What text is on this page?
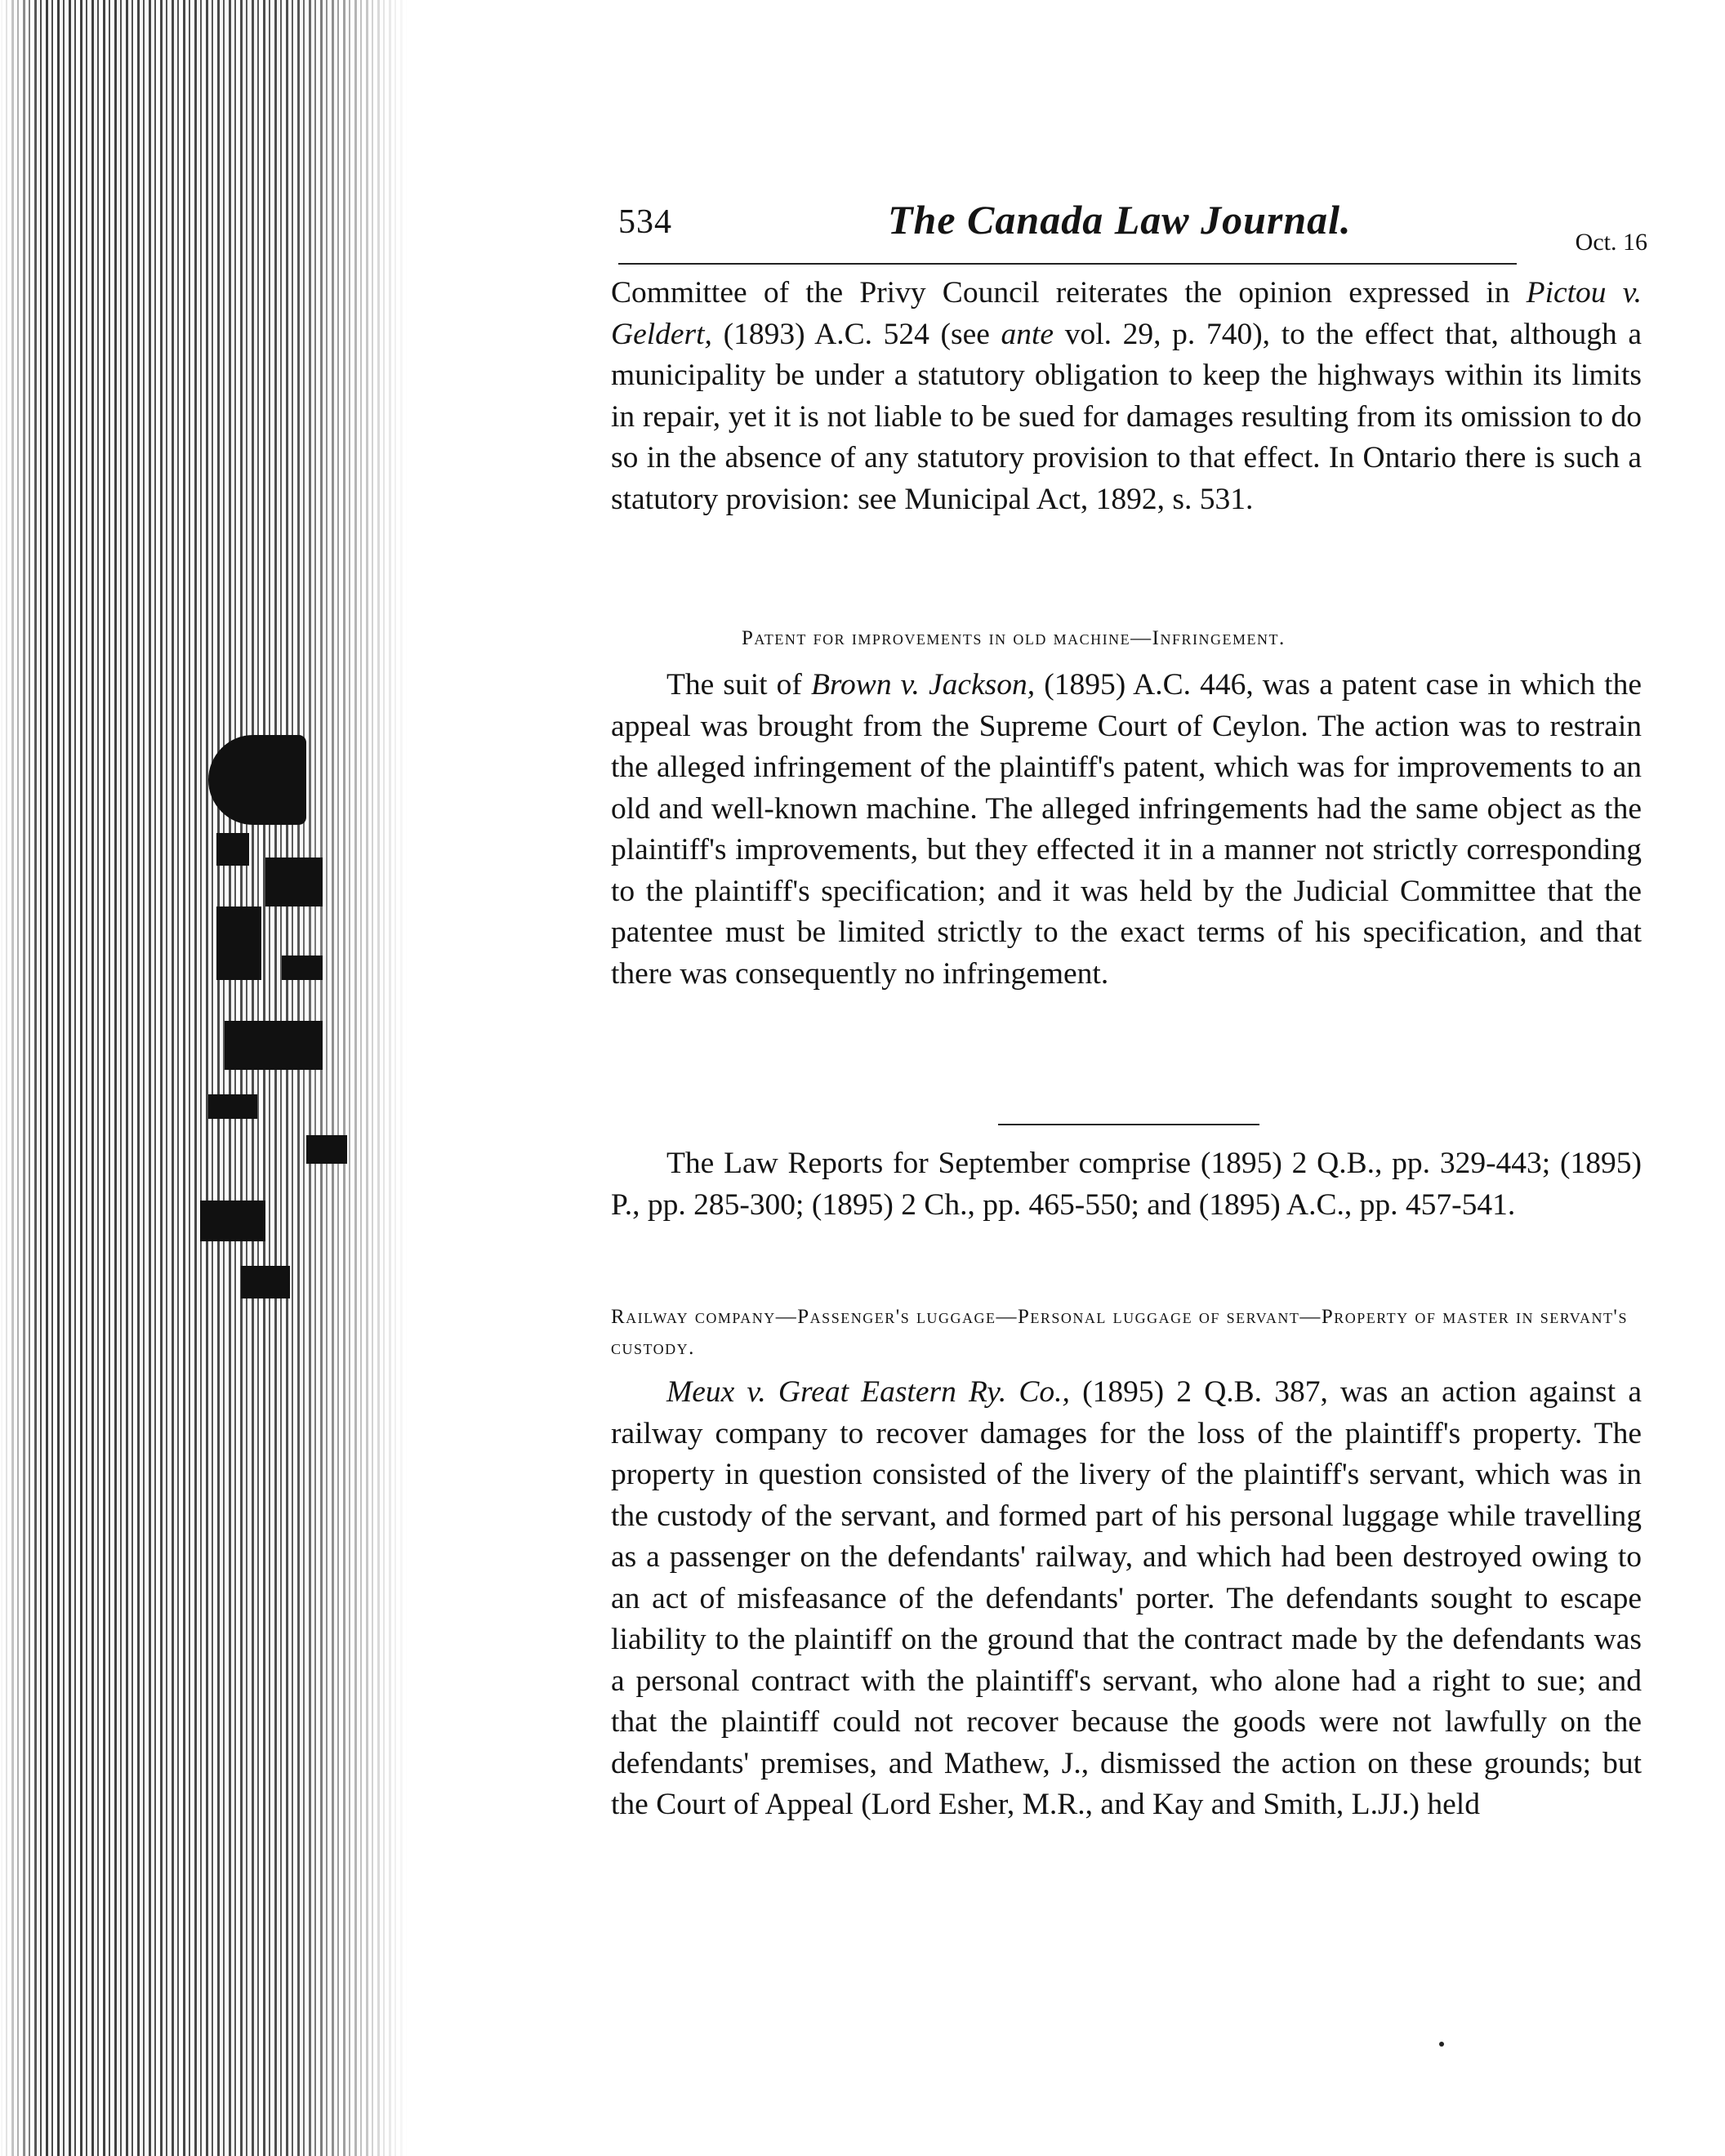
534	The Canada Law Journal.	Oct. 16

Committee of the Privy Council reiterates the opinion expressed in Pictou v. Geldert, (1893) A.C. 524 (see ante vol. 29, p. 740), to the effect that, although a municipality be under a statutory obligation to keep the highways within its limits in repair, yet it is not liable to be sued for damages resulting from its omission to do so in the absence of any statutory provision to that effect. In Ontario there is such a statutory provision: see Municipal Act, 1892, s. 531.

Patent for improvements in old machine—Infringement.

The suit of Brown v. Jackson, (1895) A.C. 446, was a patent case in which the appeal was brought from the Supreme Court of Ceylon. The action was to restrain the alleged infringement of the plaintiff's patent, which was for improvements to an old and well-known machine. The alleged infringements had the same object as the plaintiff's improvements, but they effected it in a manner not strictly corresponding to the plaintiff's specification; and it was held by the Judicial Committee that the patentee must be limited strictly to the exact terms of his specification, and that there was consequently no infringement.

The Law Reports for September comprise (1895) 2 Q.B., pp. 329-443; (1895) P., pp. 285-300; (1895) 2 Ch., pp. 465-550; and (1895) A.C., pp. 457-541.

Railway company—Passenger's luggage—Personal luggage of servant—Property of master in servant's custody.

Meux v. Great Eastern Ry. Co., (1895) 2 Q.B. 387, was an action against a railway company to recover damages for the loss of the plaintiff's property. The property in question consisted of the livery of the plaintiff's servant, which was in the custody of the servant, and formed part of his personal luggage while travelling as a passenger on the defendants' railway, and which had been destroyed owing to an act of misfeasance of the defendants' porter. The defendants sought to escape liability to the plaintiff on the ground that the contract made by the defendants was a personal contract with the plaintiff's servant, who alone had a right to sue; and that the plaintiff could not recover because the goods were not lawfully on the defendants' premises, and Mathew, J., dismissed the action on these grounds; but the Court of Appeal (Lord Esher, M.R., and Kay and Smith, L.JJ.) held
